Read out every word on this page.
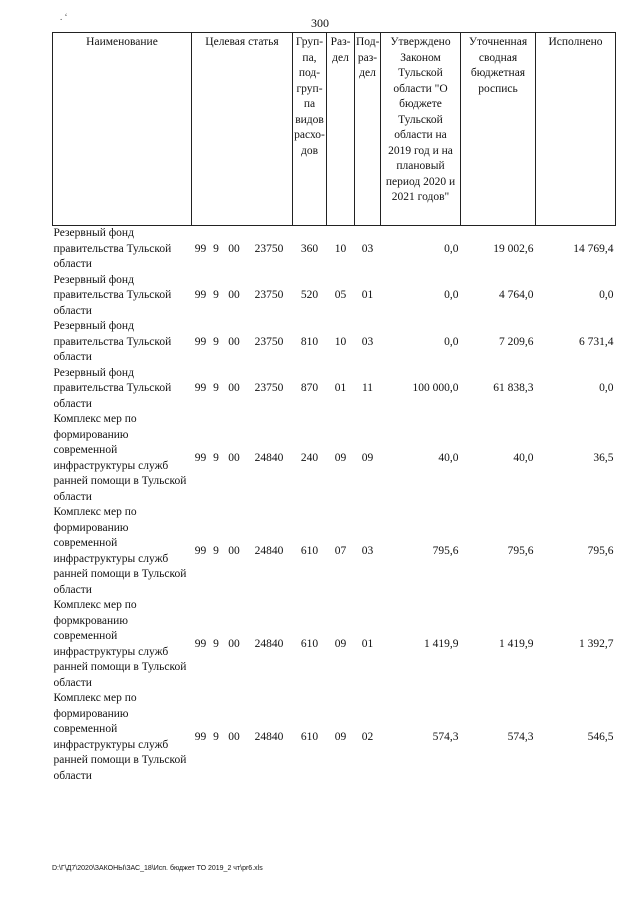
. ‘	300
Наименование	Целевая статья				Груп-па, под-груп-па видов расхо-дов	Раз-дел	Под-раз-дел	Утверждено Законом Тульской области "О бюджете Тульской области на 2019 год и на плановый период 2020 и 2021 годов"	Уточненная сводная бюджетная роспись	Исполнено
Резервный фонд правительства Тульской области	99	9	00	23750	360	10	03	0,0	19 002,6	14 769,4
Резервный фонд правительства Тульской области	99	9	00	23750	520	05	01	0,0	4 764,0	0,0
Резервный фонд правительства Тульской области	99	9	00	23750	810	10	03	0,0	7 209,6	6 731,4
Резервный фонд правительства Тульской области	99	9	00	23750	870	01	11	100 000,0	61 838,3	0,0
Комплекс мер по формированию современной инфраструктуры служб ранней помощи в Тульской области	99	9	00	24840	240	09	09	40,0	40,0	36,5
Комплекс мер по формированию современной инфраструктуры служб ранней помощи в Тульской области	99	9	00	24840	610	07	03	795,6	795,6	795,6
Комплекс мер по формкрованию современной инфраструктуры служб ранней помощи в Тульской области	99	9	00	24840	610	09	01	1 419,9	1 419,9	1 392,7
Комплекс мер по формированию современной инфраструктуры служб ранней помощи в Тульской области	99	9	00	24840	610	09	02	574,3	574,3	546,5
D:\Г\Д7\2020\ЗАКОНЫ\ЗАС_18\Исп. бюджет ТО 2019_2 чт\pr6.xls
